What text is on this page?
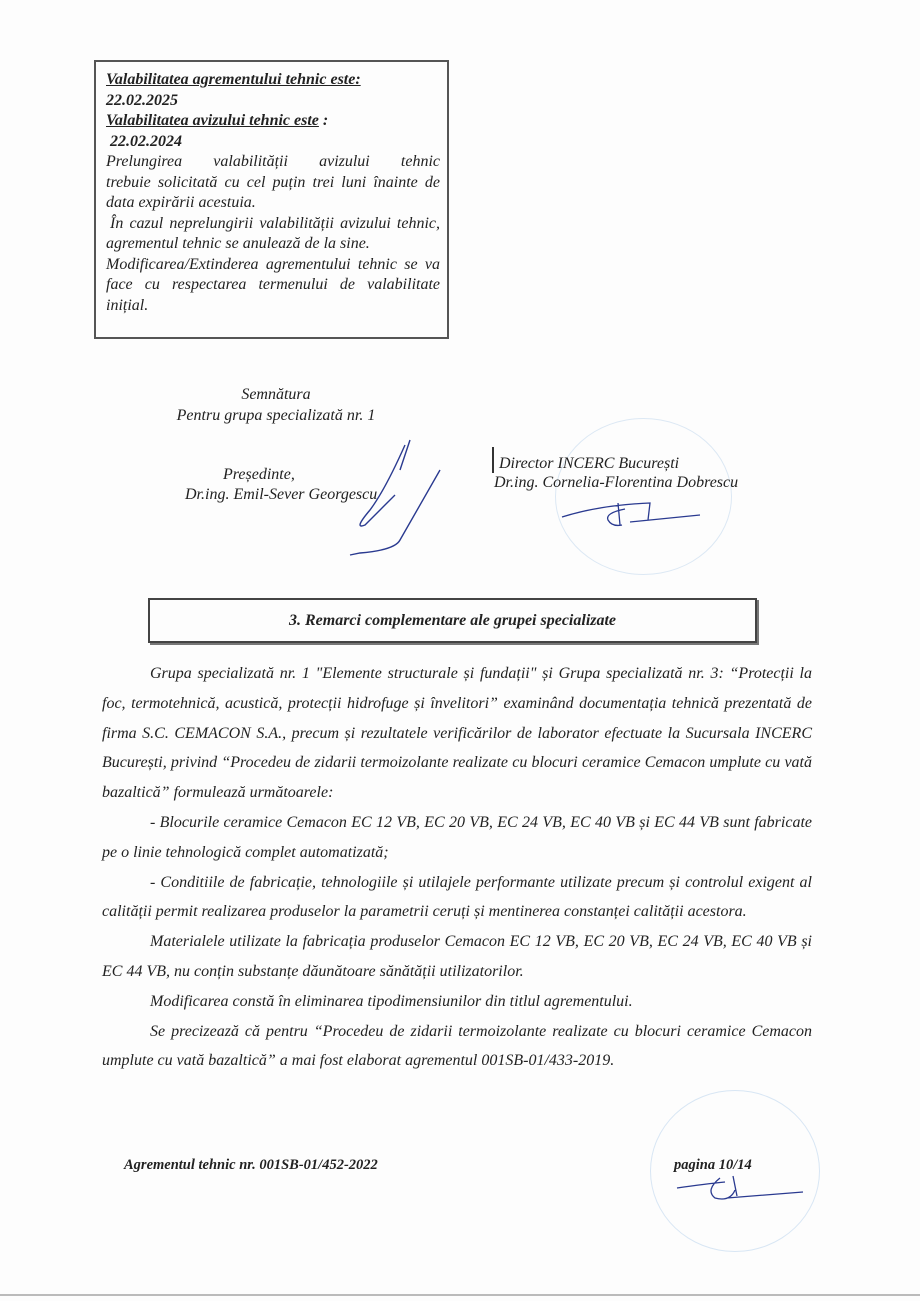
Valabilitatea agrementului tehnic este:
22.02.2025
Valabilitatea avizului tehnic este :
22.02.2024
Prelungirea valabilității avizului tehnic
trebuie solicitată cu cel puțin trei luni înainte de data expirării acestuia.
În cazul neprelungirii valabilității avizului tehnic, agrementul tehnic se anulează de la sine.
Modificarea/Extinderea agrementului tehnic se va face cu respectarea termenului de valabilitate inițial.
Semnătura
Pentru grupa specializată nr. 1
Președinte,
Dr.ing. Emil-Sever Georgescu
Director INCERC București
Dr.ing. Cornelia-Florentina Dobrescu
3. Remarci complementare ale grupei specializate

Grupa specializată nr. 1 "Elemente structurale și fundații" și Grupa specializată nr. 3: “Protecții la foc, termotehnică, acustică, protecții hidrofuge și învelitori” examinând documentația tehnică prezentată de firma S.C. CEMACON S.A., precum și rezultatele verificărilor de laborator efectuate la Sucursala INCERC București, privind “Procedeu de zidarii termoizolante realizate cu blocuri ceramice Cemacon umplute cu vată bazaltică” formulează următoarele:

- Blocurile ceramice Cemacon EC 12 VB, EC 20 VB, EC 24 VB, EC 40 VB și EC 44 VB sunt fabricate pe o linie tehnologică complet automatizată;

- Conditiile de fabricație, tehnologiile și utilajele performante utilizate precum și controlul exigent al calității permit realizarea produselor la parametrii ceruți și mentinerea constanței calității acestora.

Materialele utilizate la fabricația produselor Cemacon EC 12 VB, EC 20 VB, EC 24 VB, EC 40 VB și EC 44 VB, nu conțin substanțe dăunătoare sănătății utilizatorilor.

Modificarea constă în eliminarea tipodimensiunilor din titlul agrementului.

Se precizează că pentru “Procedeu de zidarii termoizolante realizate cu blocuri ceramice Cemacon umplute cu vată bazaltică” a mai fost elaborat agrementul 001SB-01/433-2019.

Agrementul tehnic nr. 001SB-01/452-2022	pagina 10/14
